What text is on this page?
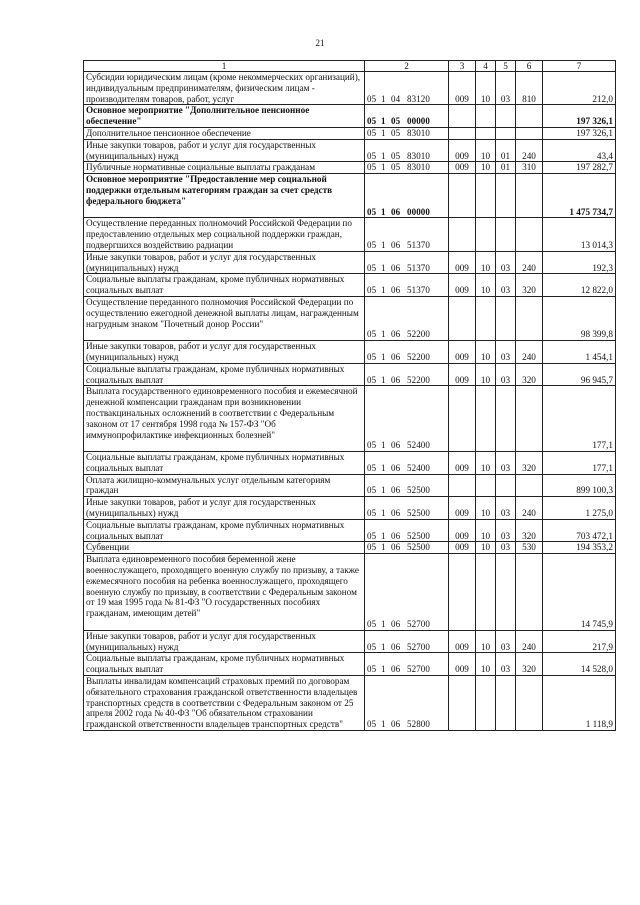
21
1	2	3	4	5	6	7

Субсидии юридическим лицам (кроме некоммерческих организаций), индивидуальным предпринимателям, физическим лицам - производителям товаров, работ, услуг	05 1 04 83120	009	10	03	810	212,0

Основное мероприятие "Дополнительное пенсионное обеспечение"	05 1 05 00000					197 326,1

Дополнительное пенсионное обеспечение	05 1 05 83010					197 326,1

Иные закупки товаров, работ и услуг для государственных (муниципальных) нужд	05 1 05 83010	009	10	01	240	43,4

Публичные нормативные социальные выплаты гражданам	05 1 05 83010	009	10	01	310	197 282,7

Основное мероприятие "Предоставление мер социальной поддержки отдельным категориям граждан за счет средств федерального бюджета"	05 1 06 00000					1 475 734,7

Осуществление переданных полномочий Российской Федерации по предоставлению отдельных мер социальной поддержки граждан, подвергшихся воздействию радиации	05 1 06 51370					13 014,3

Иные закупки товаров, работ и услуг для государственных (муниципальных) нужд	05 1 06 51370	009	10	03	240	192,3

Социальные выплаты гражданам, кроме публичных нормативных социальных выплат	05 1 06 51370	009	10	03	320	12 822,0

Осуществление переданного полномочия Российской Федерации по осуществлению ежегодной денежной выплаты лицам, награжденным нагрудным знаком "Почетный донор России"	05 1 06 52200					98 399,8

Иные закупки товаров, работ и услуг для государственных (муниципальных) нужд	05 1 06 52200	009	10	03	240	1 454,1

Социальные выплаты гражданам, кроме публичных нормативных социальных выплат	05 1 06 52200	009	10	03	320	96 945,7

Выплата государственного единовременного пособия и ежемесячной денежной компенсации гражданам при возникновении поствакцинальных осложнений в соответствии с Федеральным законом от 17 сентября 1998 года № 157-ФЗ "Об иммунопрофилактике инфекционных болезней"	05 1 06 52400					177,1

Социальные выплаты гражданам, кроме публичных нормативных социальных выплат	05 1 06 52400	009	10	03	320	177,1

Оплата жилищно-коммунальных услуг отдельным категориям граждан	05 1 06 52500					899 100,3

Иные закупки товаров, работ и услуг для государственных (муниципальных) нужд	05 1 06 52500	009	10	03	240	1 275,0

Социальные выплаты гражданам, кроме публичных нормативных социальных выплат	05 1 06 52500	009	10	03	320	703 472,1

Субвенции	05 1 06 52500	009	10	03	530	194 353,2

Выплата единовременного пособия беременной жене военнослужащего, проходящего военную службу по призыву, а также ежемесячного пособия на ребенка военнослужащего, проходящего военную службу по призыву, в соответствии с Федеральным законом от 19 мая 1995 года № 81-ФЗ "О государственных пособиях гражданам, имеющим детей"	05 1 06 52700					14 745,9

Иные закупки товаров, работ и услуг для государственных (муниципальных) нужд	05 1 06 52700	009	10	03	240	217,9

Социальные выплаты гражданам, кроме публичных нормативных социальных выплат	05 1 06 52700	009	10	03	320	14 528,0

Выплаты инвалидам компенсаций страховых премий по договорам обязательного страхования гражданской ответственности владельцев транспортных средств в соответствии с Федеральным законом от 25 апреля 2002 года № 40-ФЗ "Об обязательном страховании гражданской ответственности владельцев транспортных средств"	05 1 06 52800					1 118,9
